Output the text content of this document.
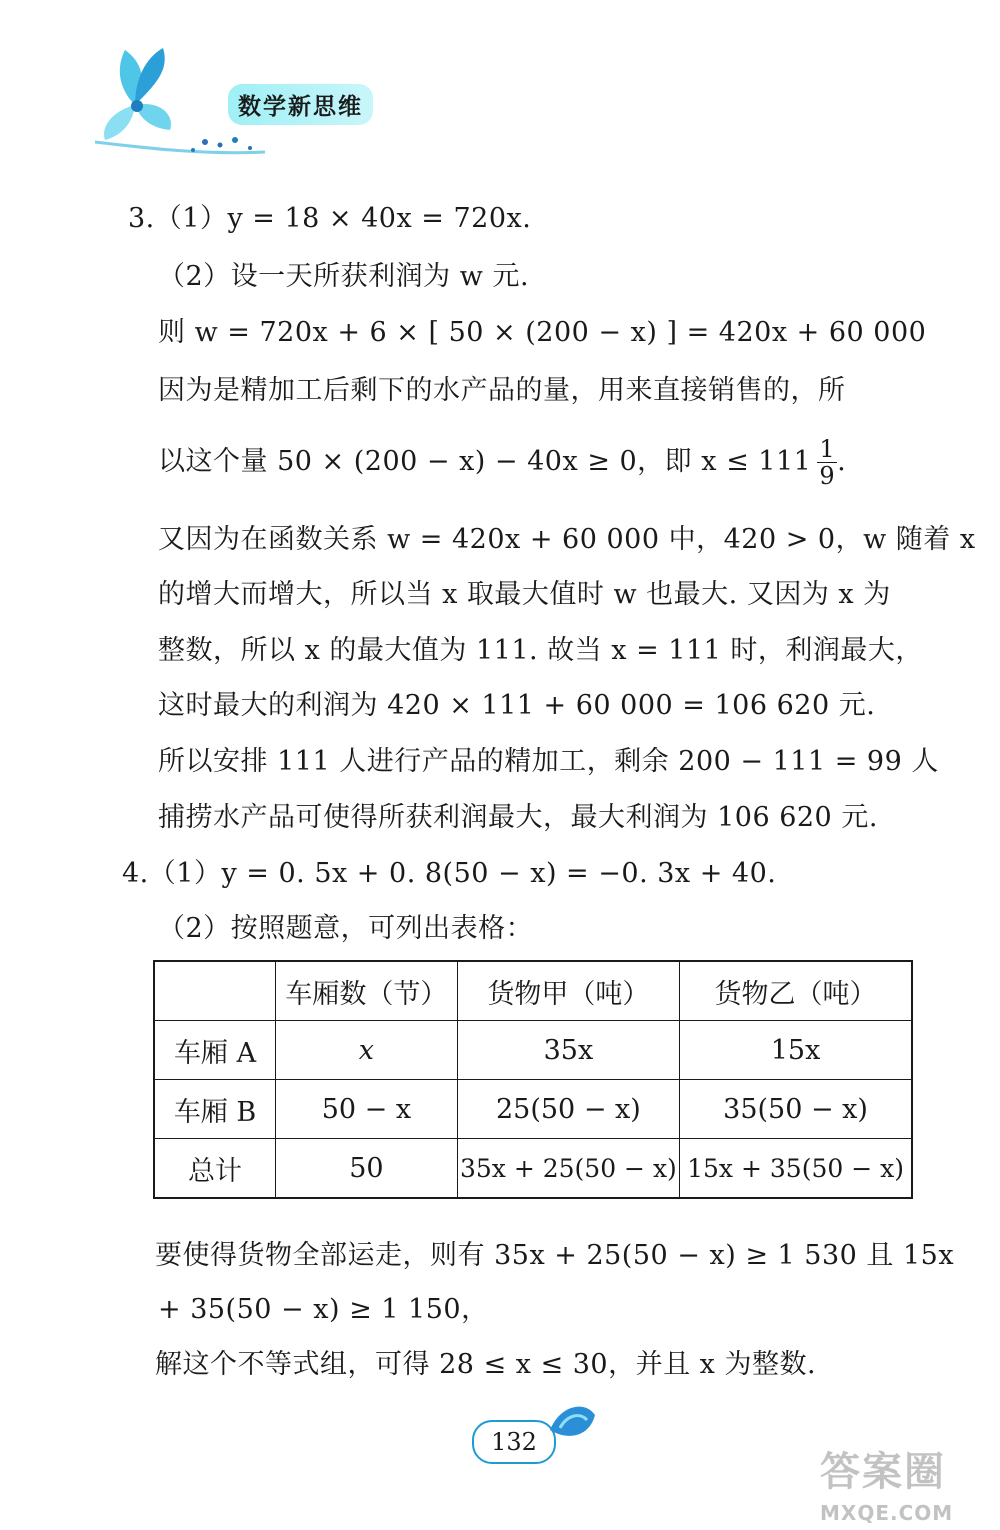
数学新思维
3.（1）y = 18 × 40x = 720x.
（2）设一天所获利润为 w 元.
则 w = 720x + 6 × [ 50 × (200 − x) ] = 420x + 60 000
因为是精加工后剩下的水产品的量，用来直接销售的，所
以这个量 50 × (200 − x) − 40x ≥ 0，即 $x \le 111 \frac{1}{9}$ .
又因为在函数关系 w = 420x + 60 000 中，420 > 0，w 随着 x
的增大而增大，所以当 x 取最大值时 w 也最大. 又因为 x 为
整数，所以 x 的最大值为 111. 故当 x = 111 时，利润最大，
这时最大的利润为 420 × 111 + 60 000 = 106 620 元.
所以安排 111 人进行产品的精加工，剩余 200 − 111 = 99 人
捕捞水产品可使得所获利润最大，最大利润为 106 620 元.
4.（1）y = 0. 5x + 0. 8(50 − x) = −0. 3x + 40.
（2）按照题意，可列出表格：
	车厢数（节）	货物甲（吨）	货物乙（吨）
车厢 A	x	35x	15x
车厢 B	50 − x	25(50 − x)	35(50 − x)
总计	50	35x + 25(50 − x)	15x + 35(50 − x)
要使得货物全部运走，则有 35x + 25(50 − x) ≥ 1 530 且 15x
+ 35(50 − x) ≥ 1 150，
解这个不等式组，可得 28 ≤ x ≤ 30，并且 x 为整数.
132
答案圈
MXQE.COM
